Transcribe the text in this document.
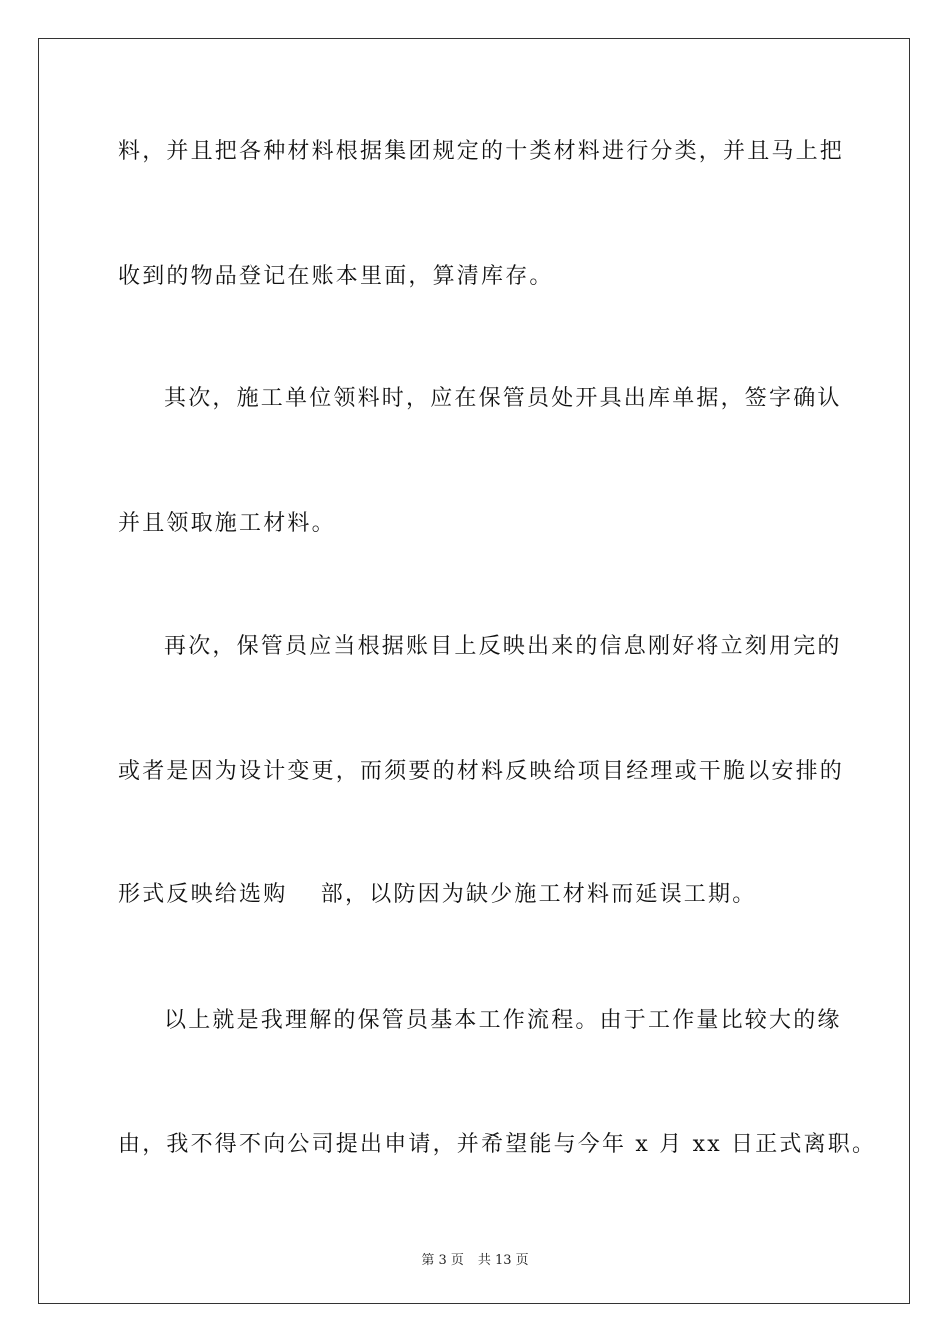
料，并且把各种材料根据集团规定的十类材料进行分类，并且马上把
收到的物品登记在账本里面，算清库存。
其次，施工单位领料时，应在保管员处开具出库单据，签字确认
并且领取施工材料。
再次，保管员应当根据账目上反映出来的信息刚好将立刻用完的
或者是因为设计变更，而须要的材料反映给项目经理或干脆以安排的
形式反映给选购　 部，以防因为缺少施工材料而延误工期。
以上就是我理解的保管员基本工作流程。由于工作量比较大的缘
由，我不得不向公司提出申请，并希望能与今年 x 月 xx 日正式离职。
第 3 页 共 13 页
